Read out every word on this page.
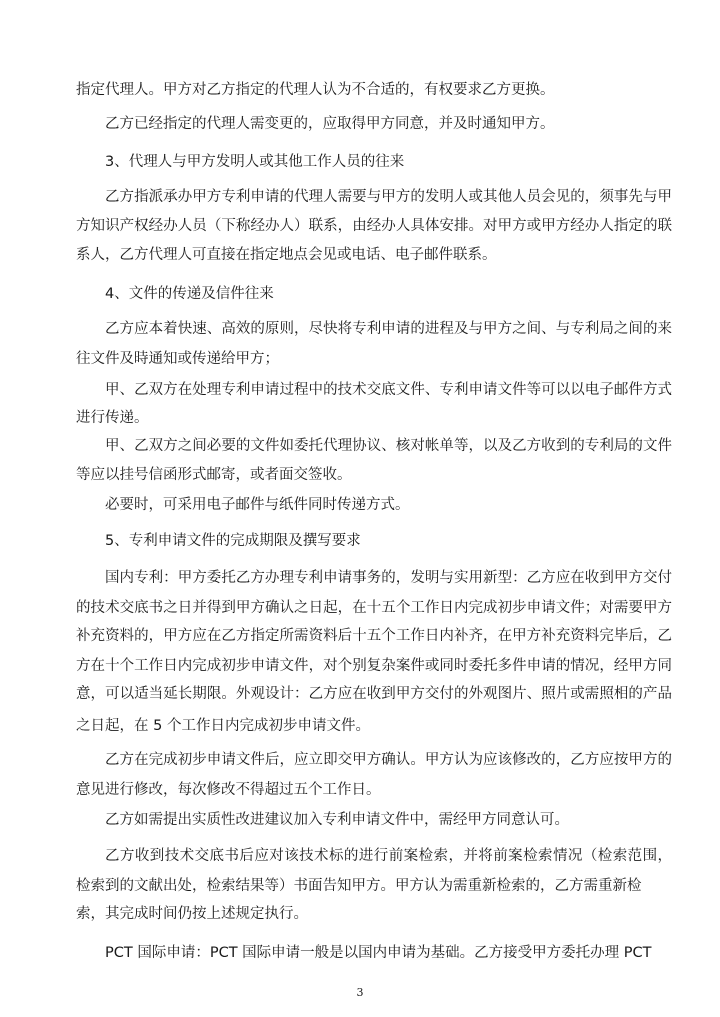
指定代理人。甲方对乙方指定的代理人认为不合适的，有权要求乙方更换。
乙方已经指定的代理人需变更的，应取得甲方同意，并及时通知甲方。
3、代理人与甲方发明人或其他工作人员的往来
乙方指派承办甲方专利申请的代理人需要与甲方的发明人或其他人员会见的，须事先与甲
方知识产权经办人员（下称经办人）联系，由经办人具体安排。对甲方或甲方经办人指定的联
系人，乙方代理人可直接在指定地点会见或电话、电子邮件联系。
4、文件的传递及信件往来
乙方应本着快速、高效的原则，尽快将专利申请的进程及与甲方之间、与专利局之间的来
往文件及時通知或传递给甲方；
甲、乙双方在处理专利申请过程中的技术交底文件、专利申请文件等可以以电子邮件方式
进行传递。
甲、乙双方之间必要的文件如委托代理协议、核对帐单等，以及乙方收到的专利局的文件
等应以挂号信函形式邮寄，或者面交签收。
必要时，可采用电子邮件与纸件同时传递方式。
5、专利申请文件的完成期限及撰写要求
国内专利：甲方委托乙方办理专利申请事务的，发明与实用新型：乙方应在收到甲方交付
的技术交底书之日并得到甲方确认之日起，在十五个工作日内完成初步申请文件；对需要甲方
补充资料的，甲方应在乙方指定所需资料后十五个工作日内补齐，在甲方补充资料完毕后，乙
方在十个工作日内完成初步申请文件，对个别复杂案件或同时委托多件申请的情况，经甲方同
意，可以适当延长期限。外观设计：乙方应在收到甲方交付的外观图片、照片或需照相的产品
之日起，在 5 个工作日内完成初步申请文件。
乙方在完成初步申请文件后，应立即交甲方确认。甲方认为应该修改的，乙方应按甲方的
意见进行修改，每次修改不得超过五个工作日。
乙方如需提出实质性改进建议加入专利申请文件中，需经甲方同意认可。
乙方收到技术交底书后应对该技术标的进行前案检索，并将前案检索情况（检索范围，
检索到的文献出处，检索结果等）书面告知甲方。甲方认为需重新检索的，乙方需重新检
索，其完成时间仍按上述规定执行。
PCT 国际申请：PCT 国际申请一般是以国内申请为基础。乙方接受甲方委托办理 PCT
3
